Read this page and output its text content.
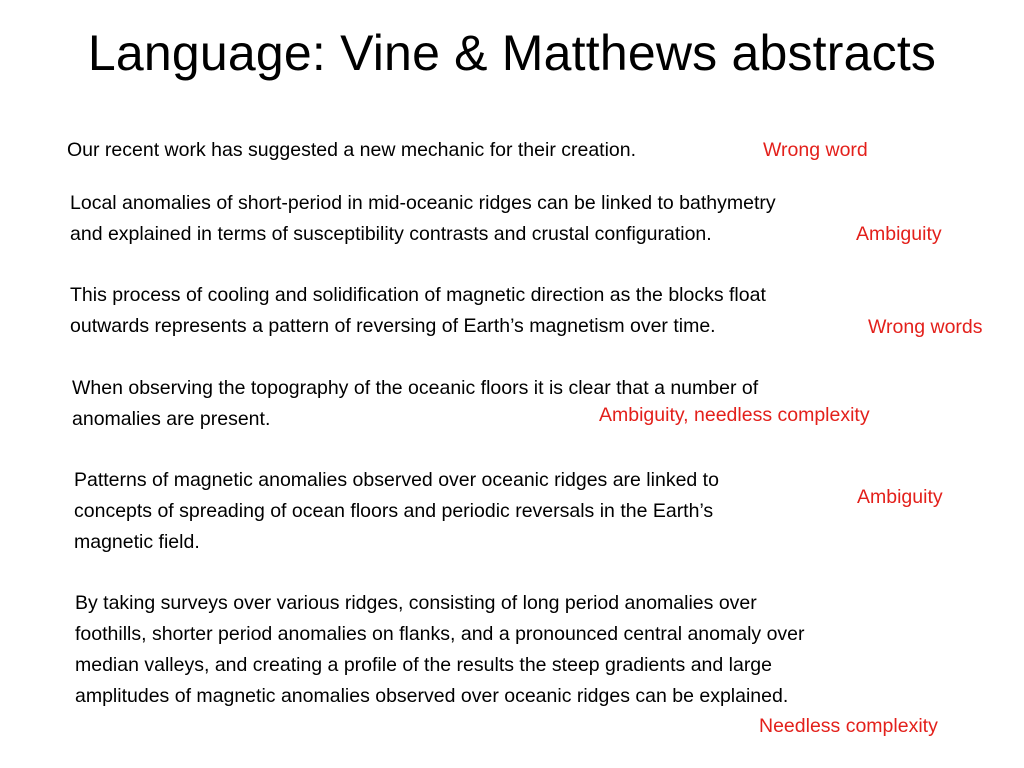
Language: Vine & Matthews abstracts
Our recent work has suggested a new mechanic for their creation.	Wrong word
Local anomalies of short-period in mid-oceanic ridges can be linked to bathymetry
and explained in terms of susceptibility contrasts and crustal configuration.	Ambiguity
This process of cooling and solidification of magnetic direction as the blocks float
outwards represents a pattern of reversing of Earth’s magnetism over time.	Wrong words
When observing the topography of the oceanic floors it is clear that a number of
anomalies are present.	Ambiguity, needless complexity
Patterns of magnetic anomalies observed over oceanic ridges are linked to
concepts of spreading of ocean floors and periodic reversals in the Earth’s
magnetic field.
Ambiguity
By taking surveys over various ridges, consisting of long period anomalies over
foothills, shorter period anomalies on flanks, and a pronounced central anomaly over
median valleys, and creating a profile of the results the steep gradients and large
amplitudes of magnetic anomalies observed over oceanic ridges can be explained.
Needless complexity
